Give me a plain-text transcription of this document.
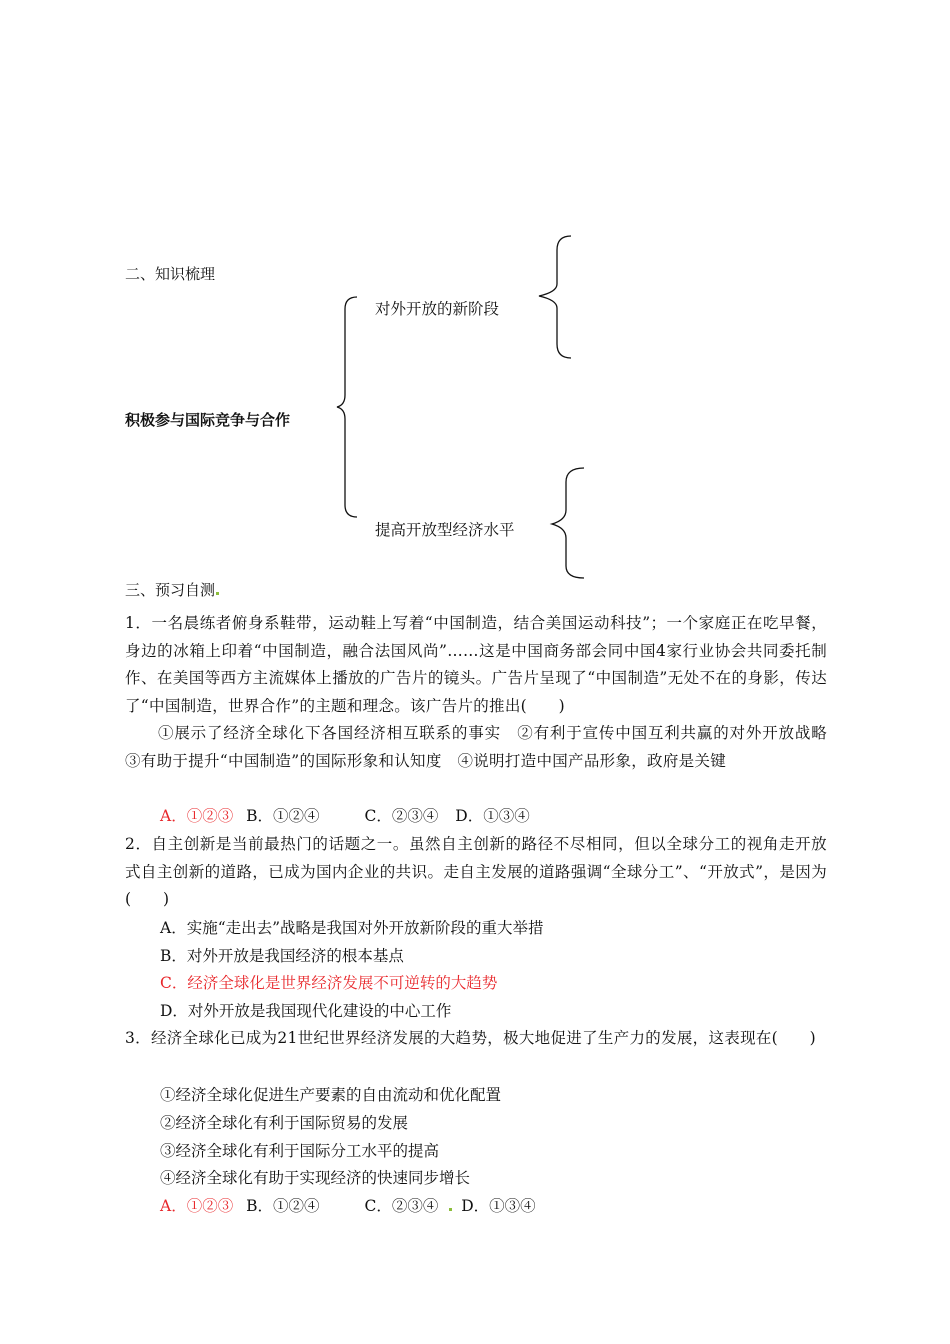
二、知识梳理
积极参与国际竞争与合作
对外开放的新阶段
提高开放型经济水平
三、预习自测
1．一名晨练者俯身系鞋带，运动鞋上写着“中国制造，结合美国运动科技”；一个家庭正在吃早餐，身边的冰箱上印着“中国制造，融合法国风尚”……这是中国商务部会同中国4家行业协会共同委托制作、在美国等西方主流媒体上播放的广告片的镜头。广告片呈现了“中国制造”无处不在的身影，传达了“中国制造，世界合作”的主题和理念。该广告片的推出(　　)
①展示了经济全球化下各国经济相互联系的事实　②有利于宣传中国互利共赢的对外开放战略　③有助于提升“中国制造”的国际形象和认知度　④说明打造中国产品形象，政府是关键
A．①②③ B．①②④	C．②③④ D．①③④
2．自主创新是当前最热门的话题之一。虽然自主创新的路径不尽相同，但以全球分工的视角走开放式自主创新的道路，已成为国内企业的共识。走自主发展的道路强调“全球分工”、“开放式”，是因为(　　)
A．实施“走出去”战略是我国对外开放新阶段的重大举措
B．对外开放是我国经济的根本基点
C．经济全球化是世界经济发展不可逆转的大趋势
D．对外开放是我国现代化建设的中心工作
3．经济全球化已成为21世纪世界经济发展的大趋势，极大地促进了生产力的发展，这表现在(　　)
①经济全球化促进生产要素的自由流动和优化配置
②经济全球化有利于国际贸易的发展
③经济全球化有利于国际分工水平的提高
④经济全球化有助于实现经济的快速同步增长
A．①②③ B．①②④	C．②③④ D．①③④
